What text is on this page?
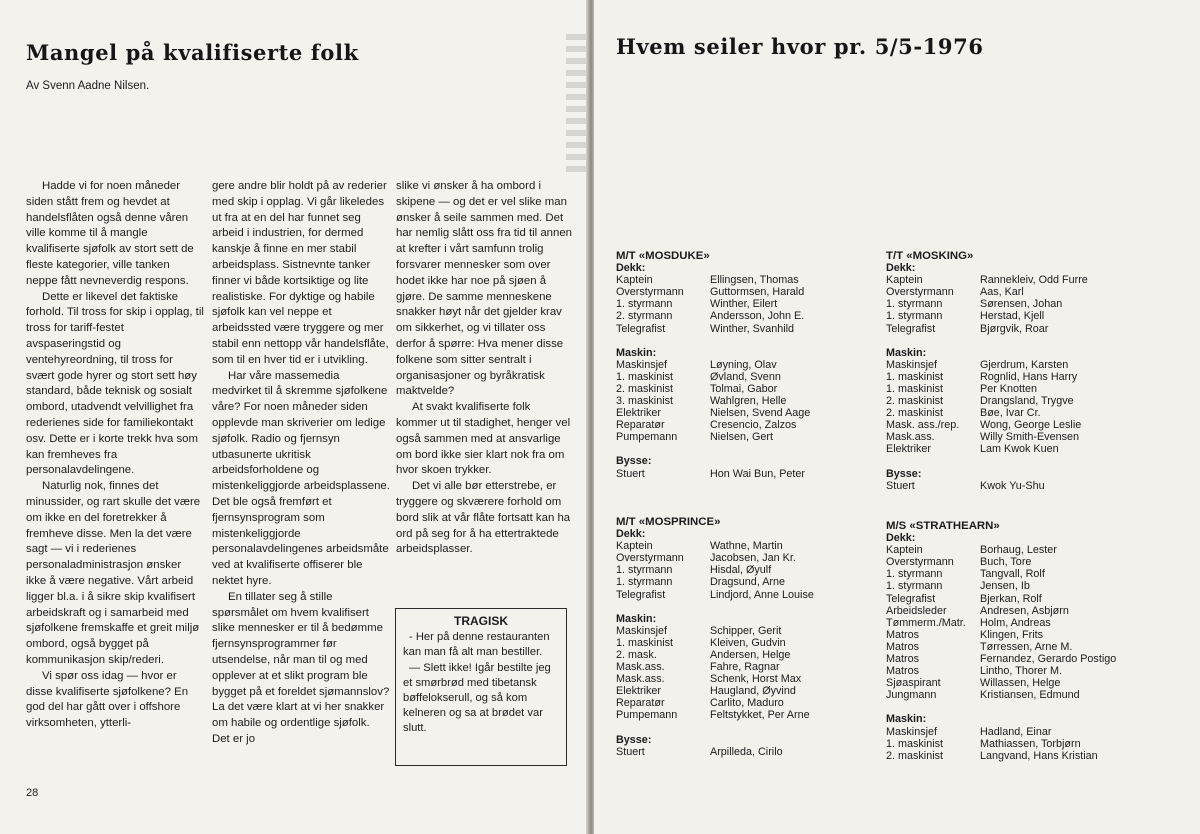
Mangel på kvalifiserte folk
Av Svenn Aadne Nilsen.

Hadde vi for noen måneder siden stått frem og hevdet at handelsflåten også denne våren ville komme til å mangle kvalifiserte sjøfolk av stort sett de fleste kategorier, ville tanken neppe fått nevneverdig respons.

Dette er likevel det faktiske forhold. Til tross for skip i opplag, til tross for tariff-festet avspaseringstid og ventehyreordning, til tross for svært gode hyrer og stort sett høy standard, både teknisk og sosialt ombord, utadvendt velvillighet fra rederienes side for familiekontakt osv. Dette er i korte trekk hva som kan fremheves fra personalavdelingene.

Naturlig nok, finnes det minussider, og rart skulle det være om ikke en del foretrekker å fremheve disse. Men la det være sagt — vi i rederienes personaladministrasjon ønsker ikke å være negative. Vårt arbeid ligger bl.a. i å sikre skip kvalifisert arbeidskraft og i samarbeid med sjøfolkene fremskaffe et greit miljø ombord, også bygget på kommunikasjon skip/rederi.

Vi spør oss idag — hvor er disse kvalifiserte sjøfolkene? En god del har gått over i offshore virksomheten, ytterli-

gere andre blir holdt på av rederier med skip i opplag. Vi går likeledes ut fra at en del har funnet seg arbeid i industrien, for dermed kanskje å finne en mer stabil arbeidsplass. Sistnevnte tanker finner vi både kortsiktige og lite realistiske. For dyktige og habile sjøfolk kan vel neppe et arbeidssted være tryggere og mer stabil enn nettopp vår handelsflåte, som til en hver tid er i utvikling.

Har våre massemedia medvirket til å skremme sjøfolkene våre? For noen måneder siden opplevde man skriverier om ledige sjøfolk. Radio og fjernsyn utbasunerte ukritisk arbeidsforholdene og mistenkeliggjorde arbeidsplassene. Det ble også fremført et fjernsynsprogram som mistenkeliggjorde personalavdelingenes arbeidsmåte ved at kvalifiserte offiserer ble nektet hyre.

En tillater seg å stille spørsmålet om hvem kvalifisert slike mennesker er til å bedømme fjernsynsprogrammer før utsendelse, når man til og med opplever at et slikt program ble bygget på et foreldet sjømannslov? La det være klart at vi her snakker om habile og ordentlige sjøfolk. Det er jo

slike vi ønsker å ha ombord i skipene — og det er vel slike man ønsker å seile sammen med. Det har nemlig slått oss fra tid til annen at krefter i vårt samfunn trolig forsvarer mennesker som over hodet ikke har noe på sjøen å gjøre. De samme menneskene snakker høyt når det gjelder krav om sikkerhet, og vi tillater oss derfor å spørre: Hva mener disse folkene som sitter sentralt i organisasjoner og byråkratisk maktvelde?

At svakt kvalifiserte folk kommer ut til stadighet, henger vel også sammen med at ansvarlige om bord ikke sier klart nok fra om hvor skoen trykker.

Det vi alle bør etterstrebe, er tryggere og skværere forhold om bord slik at vår flåte fortsatt kan ha ord på seg for å ha ettertraktede arbeidsplasser.

TRAGISK

- Her på denne restauranten kan man få alt man bestiller.

— Slett ikke! Igår bestilte jeg et smørbrød med tibetansk bøffelokserull, og så kom kelneren og sa at brødet var slutt.

28
Hvem seiler hvor pr. 5/5-1976
M/T «MOSDUKE»
Dekk:
Kaptein	Ellingsen, Thomas
Overstyrmann	Guttormsen, Harald
1. styrmann	Winther, Eilert
2. styrmann	Andersson, John E.
Telegrafist	Winther, Svanhild
Maskin:
Maskinsjef	Løyning, Olav
1. maskinist	Øvland, Svenn
2. maskinist	Tolmai, Gabor
3. maskinist	Wahlgren, Helle
Elektriker	Nielsen, Svend Aage
Reparatør	Cresencio, Zalzos
Pumpemann	Nielsen, Gert
Bysse:
Stuert	Hon Wai Bun, Peter
M/T «MOSPRINCE»
Dekk:
Kaptein	Wathne, Martin
Overstyrmann	Jacobsen, Jan Kr.
1. styrmann	Hisdal, Øyulf
1. styrmann	Dragsund, Arne
Telegrafist	Lindjord, Anne Louise
Maskin:
Maskinsjef	Schipper, Gerit
1. maskinist	Kleiven, Gudvin
2. mask.	Andersen, Helge
Mask.ass.	Fahre, Ragnar
Mask.ass.	Schenk, Horst Max
Elektriker	Haugland, Øyvind
Reparatør	Carlito, Maduro
Pumpemann	Feltstykket, Per Arne
Bysse:
Stuert	Arpilleda, Cirilo
T/T «MOSKING»
Dekk:
Kaptein	Rannekleiv, Odd Furre
Overstyrmann	Aas, Karl
1. styrmann	Sørensen, Johan
1. styrmann	Herstad, Kjell
Telegrafist	Bjørgvik, Roar
Maskin:
Maskinsjef	Gjerdrum, Karsten
1. maskinist	Rognlid, Hans Harry
1. maskinist	Per Knotten
2. maskinist	Drangsland, Trygve
2. maskinist	Bøe, Ivar Cr.
Mask. ass./rep.	Wong, George Leslie
Mask.ass.	Willy Smith-Evensen
Elektriker	Lam Kwok Kuen
Bysse:
Stuert	Kwok Yu-Shu
M/S «STRATHEARN»
Dekk:
Kaptein	Borhaug, Lester
Overstyrmann	Buch, Tore
1. styrmann	Tangvall, Rolf
1. styrmann	Jensen, Ib
Telegrafist	Bjerkan, Rolf
Arbeidsleder	Andresen, Asbjørn
Tømmerm./Matr.	Holm, Andreas
Matros	Klingen, Frits
Matros	Tørressen, Arne M.
Matros	Fernandez, Gerardo Postigo
Matros	Lintho, Thorer M.
Sjøaspirant	Willassen, Helge
Jungmann	Kristiansen, Edmund
Maskin:
Maskinsjef	Hadland, Einar
1. maskinist	Mathiassen, Torbjørn
2. maskinist	Langvand, Hans Kristian
